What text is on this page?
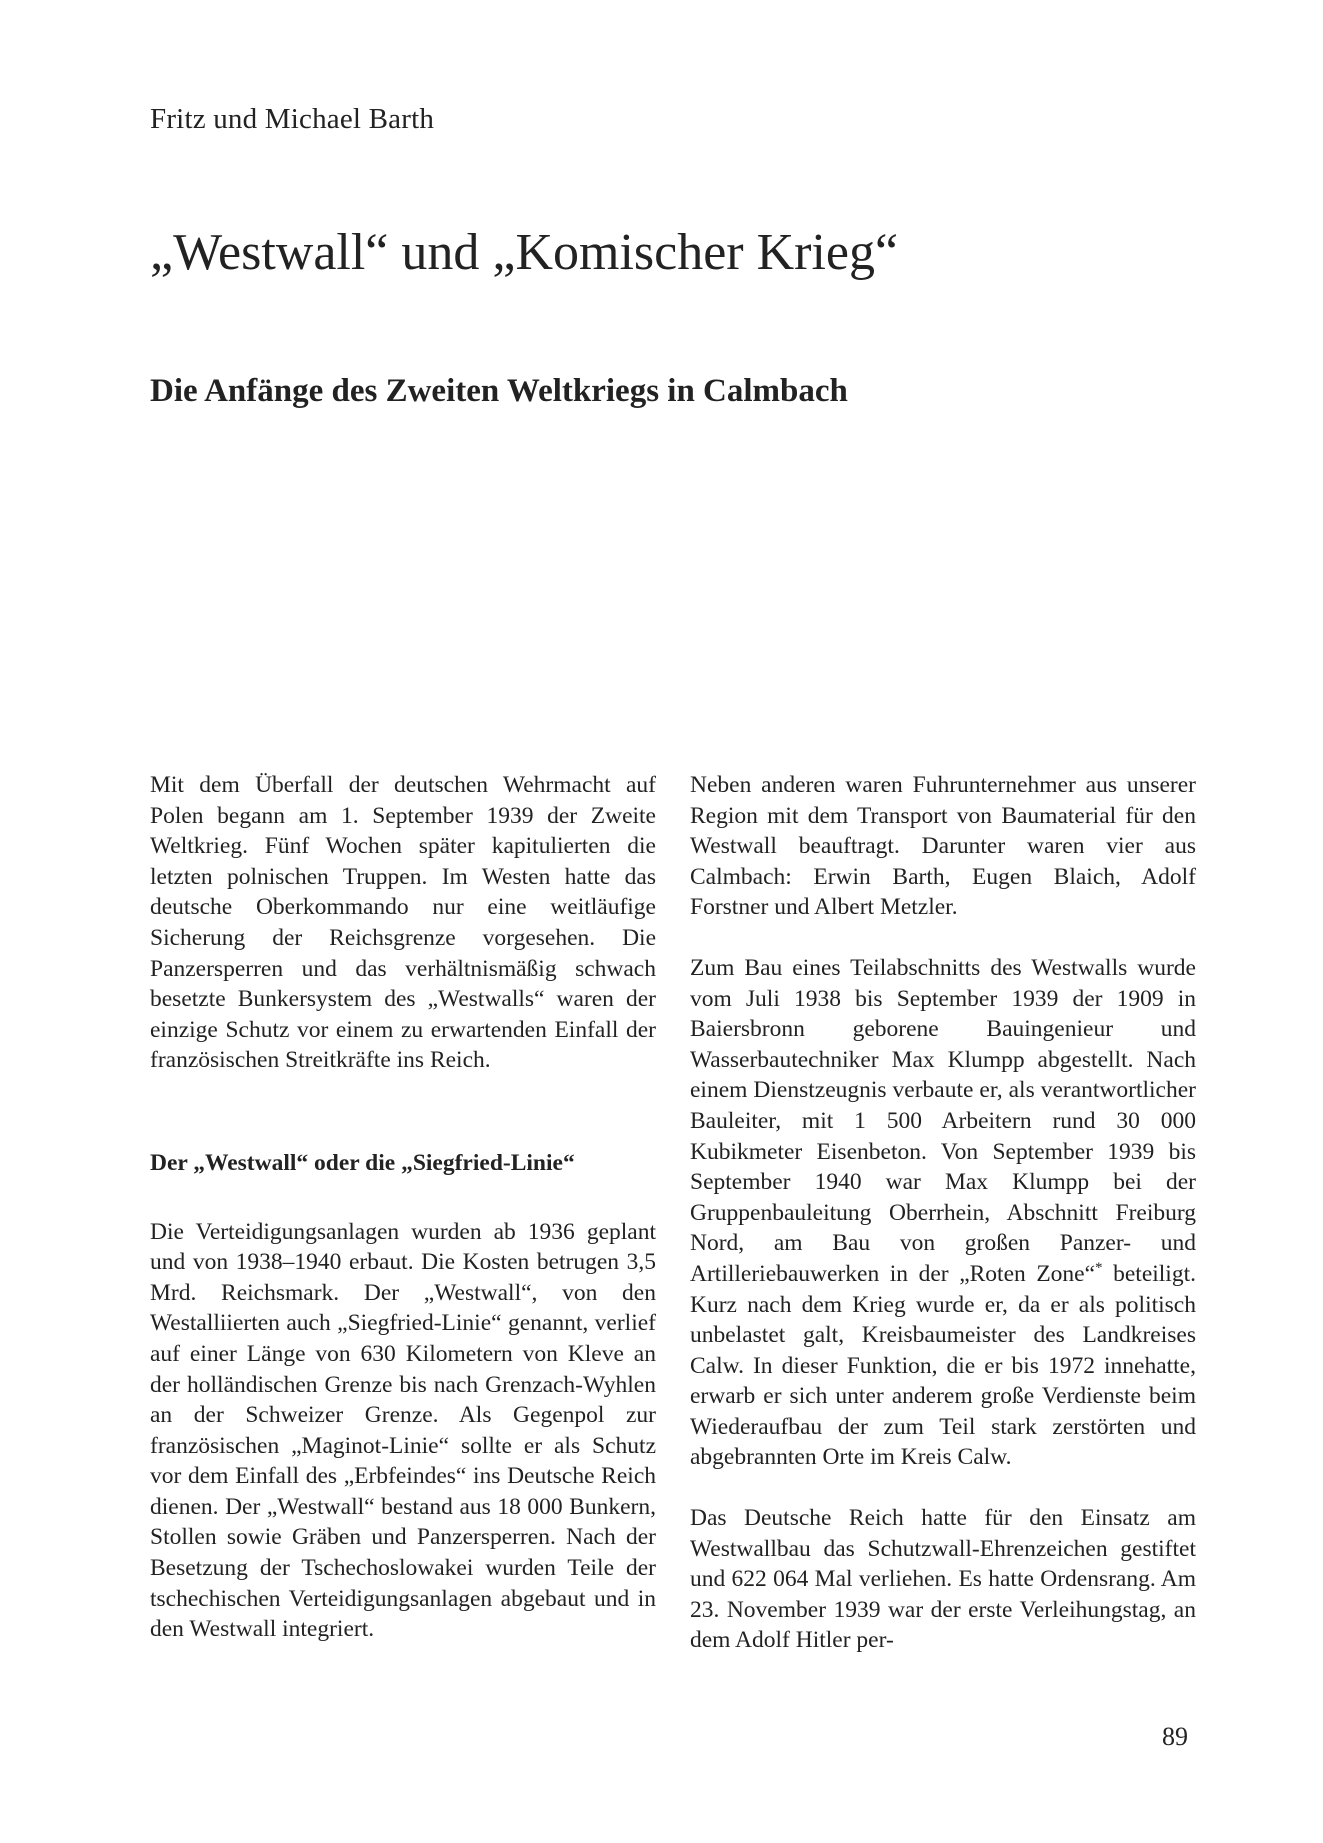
Fritz und Michael Barth
„Westwall“ und „Komischer Krieg“
Die Anfänge des Zweiten Weltkriegs in Calmbach

Mit dem Überfall der deutschen Wehrmacht auf Polen begann am 1. September 1939 der Zweite Weltkrieg. Fünf Wochen später kapitulierten die letzten polnischen Truppen. Im Westen hatte das deutsche Oberkommando nur eine weitläufige Sicherung der Reichsgrenze vorgesehen. Die Panzersperren und das verhältnismäßig schwach besetzte Bunkersystem des „Westwalls“ waren der einzige Schutz vor einem zu erwartenden Einfall der französischen Streitkräfte ins Reich.

Der „Westwall“ oder die „Siegfried-Linie“

Die Verteidigungsanlagen wurden ab 1936 geplant und von 1938–1940 erbaut. Die Kosten betrugen 3,5 Mrd. Reichsmark. Der „Westwall“, von den Westalliierten auch „Siegfried-Linie“ genannt, verlief auf einer Länge von 630 Kilometern von Kleve an der holländischen Grenze bis nach Grenzach-Wyhlen an der Schweizer Grenze. Als Gegenpol zur französischen „Maginot-Linie“ sollte er als Schutz vor dem Einfall des „Erbfeindes“ ins Deutsche Reich dienen. Der „Westwall“ bestand aus 18 000 Bunkern, Stollen sowie Gräben und Panzersperren. Nach der Besetzung der Tschechoslowakei wurden Teile der tschechischen Verteidigungsanlagen abgebaut und in den Westwall integriert.

Neben anderen waren Fuhrunternehmer aus unserer Region mit dem Transport von Baumaterial für den Westwall beauftragt. Darunter waren vier aus Calmbach: Erwin Barth, Eugen Blaich, Adolf Forstner und Albert Metzler.

Zum Bau eines Teilabschnitts des Westwalls wurde vom Juli 1938 bis September 1939 der 1909 in Baiersbronn geborene Bauingenieur und Wasserbautechniker Max Klumpp abgestellt. Nach einem Dienstzeugnis verbaute er, als verantwortlicher Bauleiter, mit 1 500 Arbeitern rund 30 000 Kubikmeter Eisenbeton. Von September 1939 bis September 1940 war Max Klumpp bei der Gruppenbauleitung Oberrhein, Abschnitt Freiburg Nord, am Bau von großen Panzer- und Artilleriebauwerken in der „Roten Zone“* beteiligt. Kurz nach dem Krieg wurde er, da er als politisch unbelastet galt, Kreisbaumeister des Landkreises Calw. In dieser Funktion, die er bis 1972 innehatte, erwarb er sich unter anderem große Verdienste beim Wiederaufbau der zum Teil stark zerstörten und abgebrannten Orte im Kreis Calw.

Das Deutsche Reich hatte für den Einsatz am Westwallbau das Schutzwall-Ehrenzeichen gestiftet und 622 064 Mal verliehen. Es hatte Ordensrang. Am 23. November 1939 war der erste Verleihungstag, an dem Adolf Hitler per-

89
